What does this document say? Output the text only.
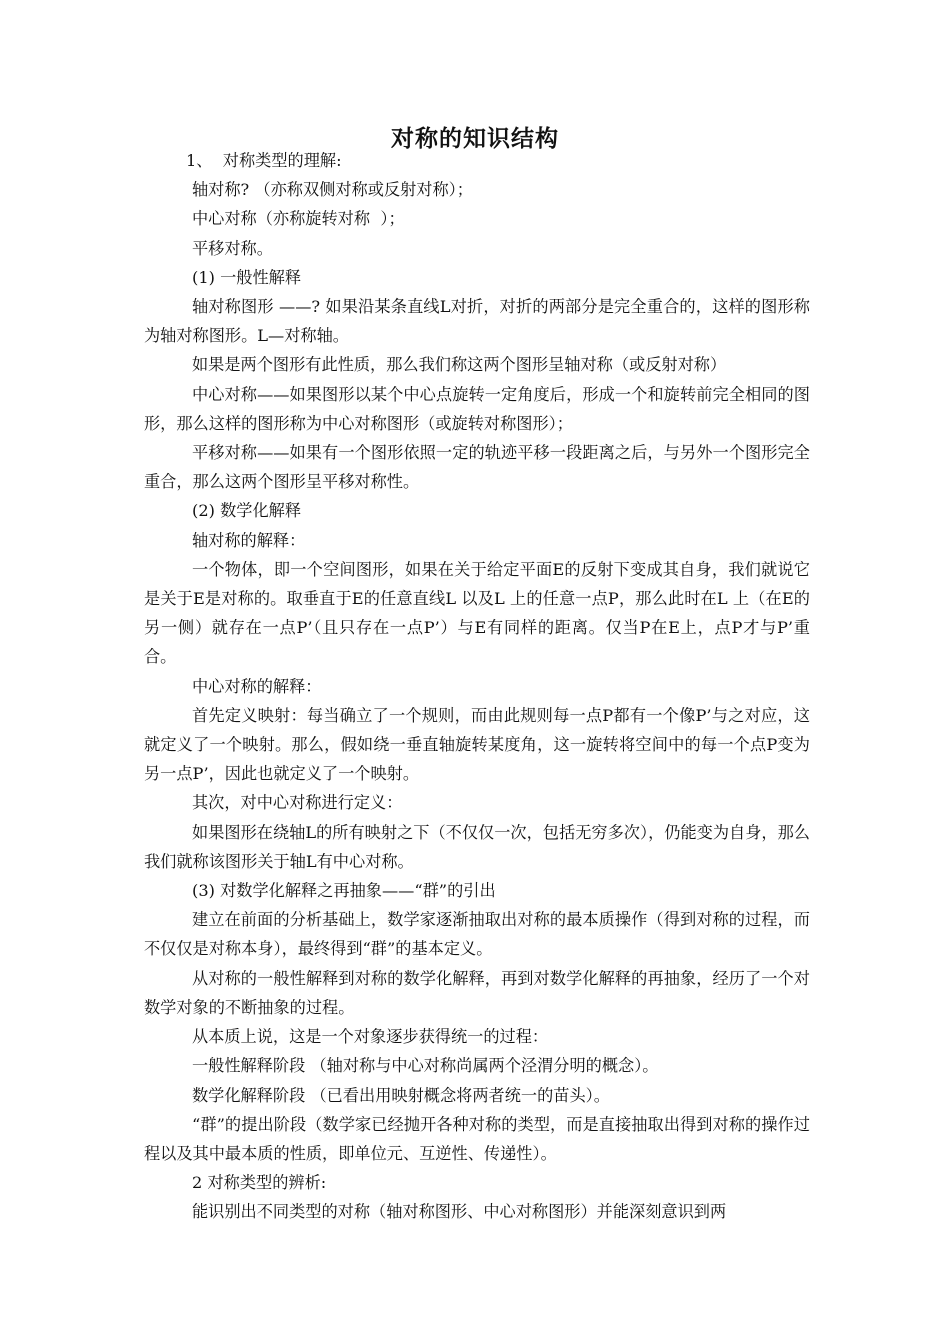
对称的知识结构

1、  对称类型的理解:

轴对称? （亦称双侧对称或反射对称）；

中心对称（亦称旋转对称  ）；

平移对称。

(1) 一般性解释

轴对称图形 ——? 如果沿某条直线L对折，对折的两部分是完全重合的，这样的图形称为轴对称图形。L—对称轴。

如果是两个图形有此性质，那么我们称这两个图形呈轴对称（或反射对称）

中心对称——如果图形以某个中心点旋转一定角度后，形成一个和旋转前完全相同的图形，那么这样的图形称为中心对称图形（或旋转对称图形）；

平移对称——如果有一个图形依照一定的轨迹平移一段距离之后，与另外一个图形完全重合，那么这两个图形呈平移对称性。

(2) 数学化解释

轴对称的解释：

一个物体，即一个空间图形，如果在关于给定平面E的反射下变成其自身，我们就说它是关于E是对称的。取垂直于E的任意直线L 以及L 上的任意一点P，那么此时在L 上（在E的另一侧）就存在一点P’（且只存在一点P’）与E有同样的距离。仅当P在E上，点P才与P’重合。

中心对称的解释：

首先定义映射：每当确立了一个规则，而由此规则每一点P都有一个像P’与之对应，这就定义了一个映射。那么，假如绕一垂直轴旋转某度角，这一旋转将空间中的每一个点P变为另一点P’，因此也就定义了一个映射。

其次，对中心对称进行定义：

如果图形在绕轴L的所有映射之下（不仅仅一次，包括无穷多次），仍能变为自身，那么我们就称该图形关于轴L有中心对称。

(3) 对数学化解释之再抽象——“群”的引出

建立在前面的分析基础上，数学家逐渐抽取出对称的最本质操作（得到对称的过程，而不仅仅是对称本身），最终得到“群”的基本定义。

从对称的一般性解释到对称的数学化解释，再到对数学化解释的再抽象，经历了一个对数学对象的不断抽象的过程。

从本质上说，这是一个对象逐步获得统一的过程：

一般性解释阶段 （轴对称与中心对称尚属两个泾渭分明的概念）。

数学化解释阶段 （已看出用映射概念将两者统一的苗头）。

“群”的提出阶段（数学家已经抛开各种对称的类型，而是直接抽取出得到对称的操作过程以及其中最本质的性质，即单位元、互逆性、传递性）。

2 对称类型的辨析:

能识别出不同类型的对称（轴对称图形、中心对称图形）并能深刻意识到两
